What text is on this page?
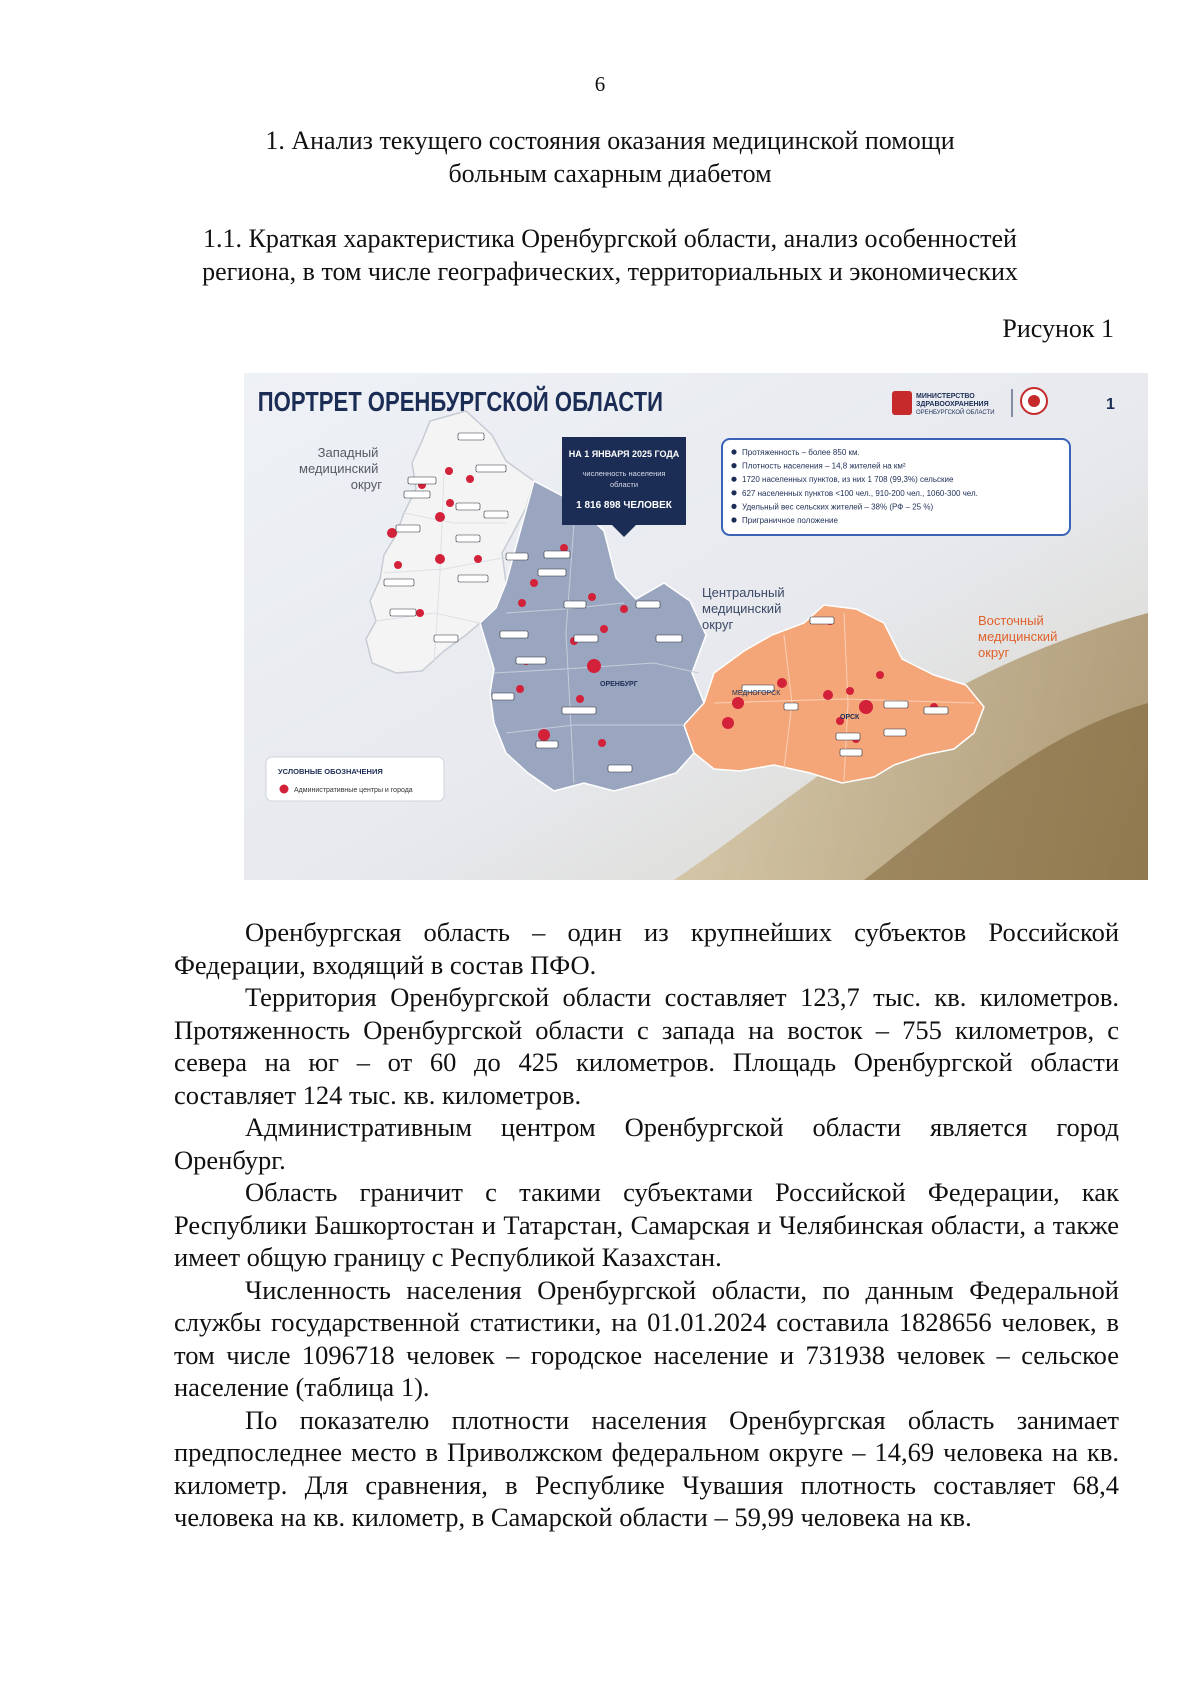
6
1. Анализ текущего состояния оказания медицинской помощи
больным сахарным диабетом
1.1. Краткая характеристика Оренбургской области, анализ особенностей
региона, в том числе географических, территориальных и экономических
Рисунок 1
ПОРТРЕТ ОРЕНБУРГСКОЙ ОБЛАСТИ	МИНИСТЕРСТВО
ЗДРАВООХРАНЕНИЯ
ОРЕНБУРГСКОЙ ОБЛАСТИ	1
Западный медицинский округ
Центральный медицинский округ	Восточный медицинский округ
НА 1 ЯНВАРЯ 2025 ГОДА
численность населения
области
1 816 898 ЧЕЛОВЕК
Протяженность – более 850 км.
Плотность населения – 14,8 жителей на км²
1720 населенных пунктов, из них 1 708 (99,3%) сельские
627 населенных пунктов <100 чел., 910-200 чел., 1060-300 чел.
Удельный вес сельских жителей – 38% (РФ – 25 %)
Приграничное положение
УСЛОВНЫЕ ОБОЗНАЧЕНИЯ
Административные центры и города
ОРЕНБУРГ
ОРСК
МЕДНОГОРСК

Оренбургская область – один из крупнейших субъектов Российской Федерации, входящий в состав ПФО.

Территория Оренбургской области составляет 123,7 тыс. кв. километров. Протяженность Оренбургской области с запада на восток – 755 километров, с севера на юг – от 60 до 425 километров. Площадь Оренбургской области составляет 124 тыс. кв. километров.

Административным центром Оренбургской области является город Оренбург.

Область граничит с такими субъектами Российской Федерации, как Республики Башкортостан и Татарстан, Самарская и Челябинская области, а также имеет общую границу с Республикой Казахстан.

Численность населения Оренбургской области, по данным Федеральной службы государственной статистики, на 01.01.2024 составила 1828656 человек, в том числе 1096718 человек – городское население и 731938 человек – сельское население (таблица 1).

По показателю плотности населения Оренбургская область занимает предпоследнее место в Приволжском федеральном округе – 14,69 человека на кв. километр. Для сравнения, в Республике Чувашия плотность составляет 68,4 человека на кв. километр, в Самарской области – 59,99 человека на кв.
